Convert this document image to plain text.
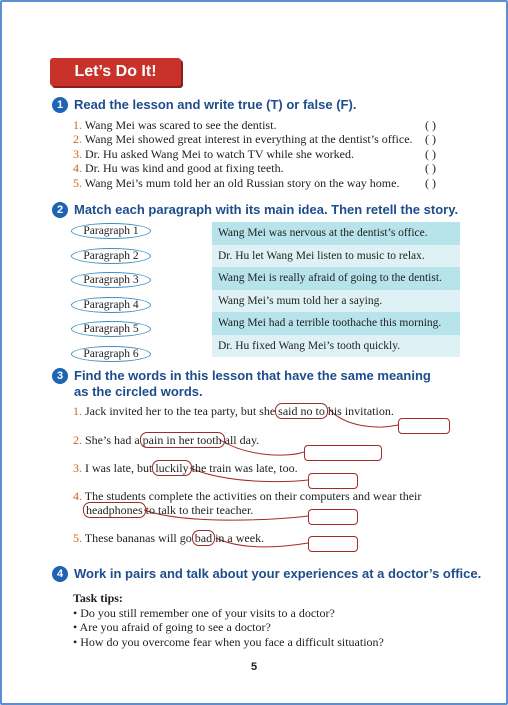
Let’s Do It!
1 Read the lesson and write true (T) or false (F).
1. Wang Mei was scared to see the dentist.	( )
2. Wang Mei showed great interest in everything at the dentist’s office. ( )
3. Dr. Hu asked Wang Mei to watch TV while she worked.	( )
4. Dr. Hu was kind and good at fixing teeth.	( )
5. Wang Mei’s mum told her an old Russian story on the way home. ( )
2 Match each paragraph with its main idea. Then retell the story.
Paragraph 1
Paragraph 2
Paragraph 3
Paragraph 4
Paragraph 5
Paragraph 6
Wang Mei was nervous at the dentist’s office.
Dr. Hu let Wang Mei listen to music to relax.
Wang Mei is really afraid of going to the dentist.
Wang Mei’s mum told her a saying.
Wang Mei had a terrible toothache this morning.
Dr. Hu fixed Wang Mei’s tooth quickly.
3 Find the words in this lesson that have the same meaning as the circled words.
1. Jack invited her to the tea party, but she said no to his invitation.
2. She’s had a pain in her tooth all day.
3. I was late, but luckily the train was late, too.
4. The students complete the activities on their computers and wear their
headphones to talk to their teacher.
5. These bananas will go bad in a week.
4 Work in pairs and talk about your experiences at a doctor’s office.
Task tips:
• Do you still remember one of your visits to a doctor?
• Are you afraid of going to see a doctor?
• How do you overcome fear when you face a difficult situation?
5
